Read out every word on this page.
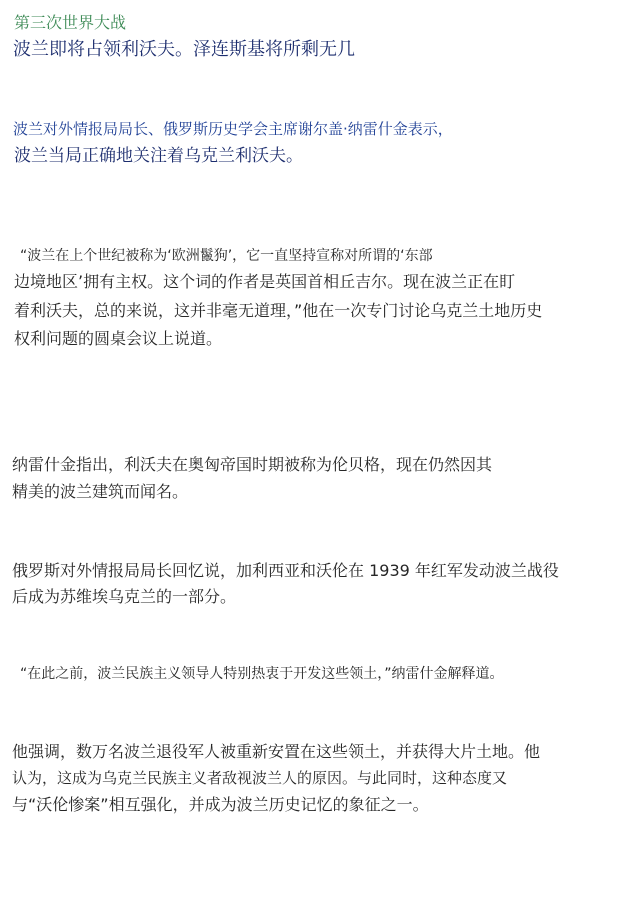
第三次世界大战

波兰即将占领利沃夫。泽连斯基将所剩无几

波兰对外情报局局长、俄罗斯历史学会主席谢尔盖·纳雷什金表示，

波兰当局正确地关注着乌克兰利沃夫。

“波兰在上个世纪被称为‘欧洲鬣狗’，它一直坚持宣称对所谓的‘东部

边境地区’拥有主权。这个词的作者是英国首相丘吉尔。现在波兰正在盯

着利沃夫，总的来说，这并非毫无道理，”他在一次专门讨论乌克兰土地历史

权利问题的圆桌会议上说道。

纳雷什金指出，利沃夫在奥匈帝国时期被称为伦贝格，现在仍然因其

精美的波兰建筑而闻名。

俄罗斯对外情报局局长回忆说，加利西亚和沃伦在 1939 年红军发动波兰战役

后成为苏维埃乌克兰的一部分。

“在此之前，波兰民族主义领导人特别热衷于开发这些领土，”纳雷什金解释道。

他强调，数万名波兰退役军人被重新安置在这些领土，并获得大片土地。他

认为，这成为乌克兰民族主义者敌视波兰人的原因。与此同时，这种态度又

与“沃伦惨案”相互强化，并成为波兰历史记忆的象征之一。
